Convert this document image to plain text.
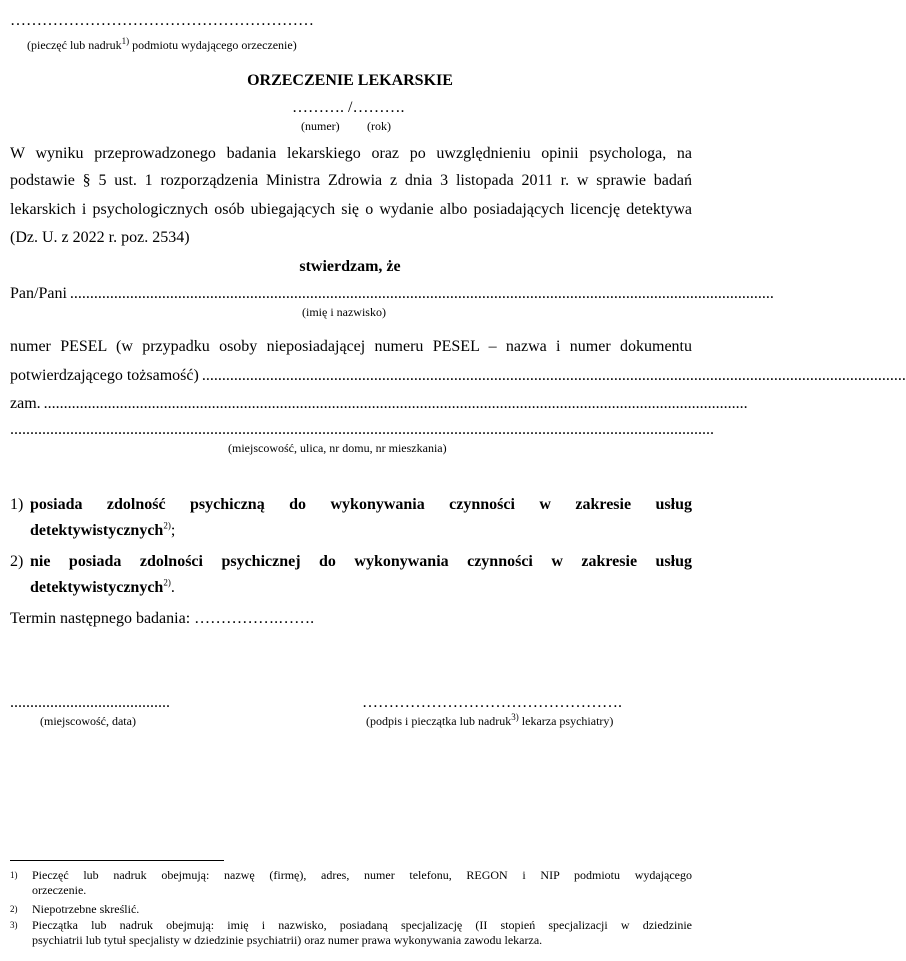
…………………………………………………
(pieczęć lub nadruk$^{1)}$ podmiotu wydającego orzeczenie)
ORZECZENIE LEKARSKIE
………. /……….
(numer) (rok)
W wyniku przeprowadzonego badania lekarskiego oraz po uwzględnieniu opinii psychologa, na
podstawie § 5 ust. 1 rozporządzenia Ministra Zdrowia z dnia 3 listopada 2011 r. w sprawie badań
lekarskich i psychologicznych osób ubiegających się o wydanie albo posiadających licencję detektywa
(Dz. U. z 2022 r. poz. 2534)
stwierdzam, że
Pan/Pani ................................................................................................................................................................................
(imię i nazwisko)
numer PESEL (w przypadku osoby nieposiadającej numeru PESEL – nazwa i numer dokumentu
potwierdzającego tożsamość) ................................................................................................................................................................................
zam. ................................................................................................................................................................................
................................................................................................................................................................................
(miejscowość, ulica, nr domu, nr mieszkania)
1) posiada zdolność psychiczną do wykonywania czynności w zakresie usług
detektywistycznych$^{2)}$;
2) nie posiada zdolności psychicznej do wykonywania czynności w zakresie usług
detektywistycznych$^{2)}$.
Termin następnego badania: …………….…….
........................................
(miejscowość, data)
………………………………………….
(podpis i pieczątka lub nadruk$^{3)}$ lekarza psychiatry)
1) Pieczęć lub nadruk obejmują: nazwę (firmę), adres, numer telefonu, REGON i NIP podmiotu wydającego
orzeczenie.
2) Niepotrzebne skreślić.
3) Pieczątka lub nadruk obejmują: imię i nazwisko, posiadaną specjalizację (II stopień specjalizacji w dziedzinie
psychiatrii lub tytuł specjalisty w dziedzinie psychiatrii) oraz numer prawa wykonywania zawodu lekarza.
